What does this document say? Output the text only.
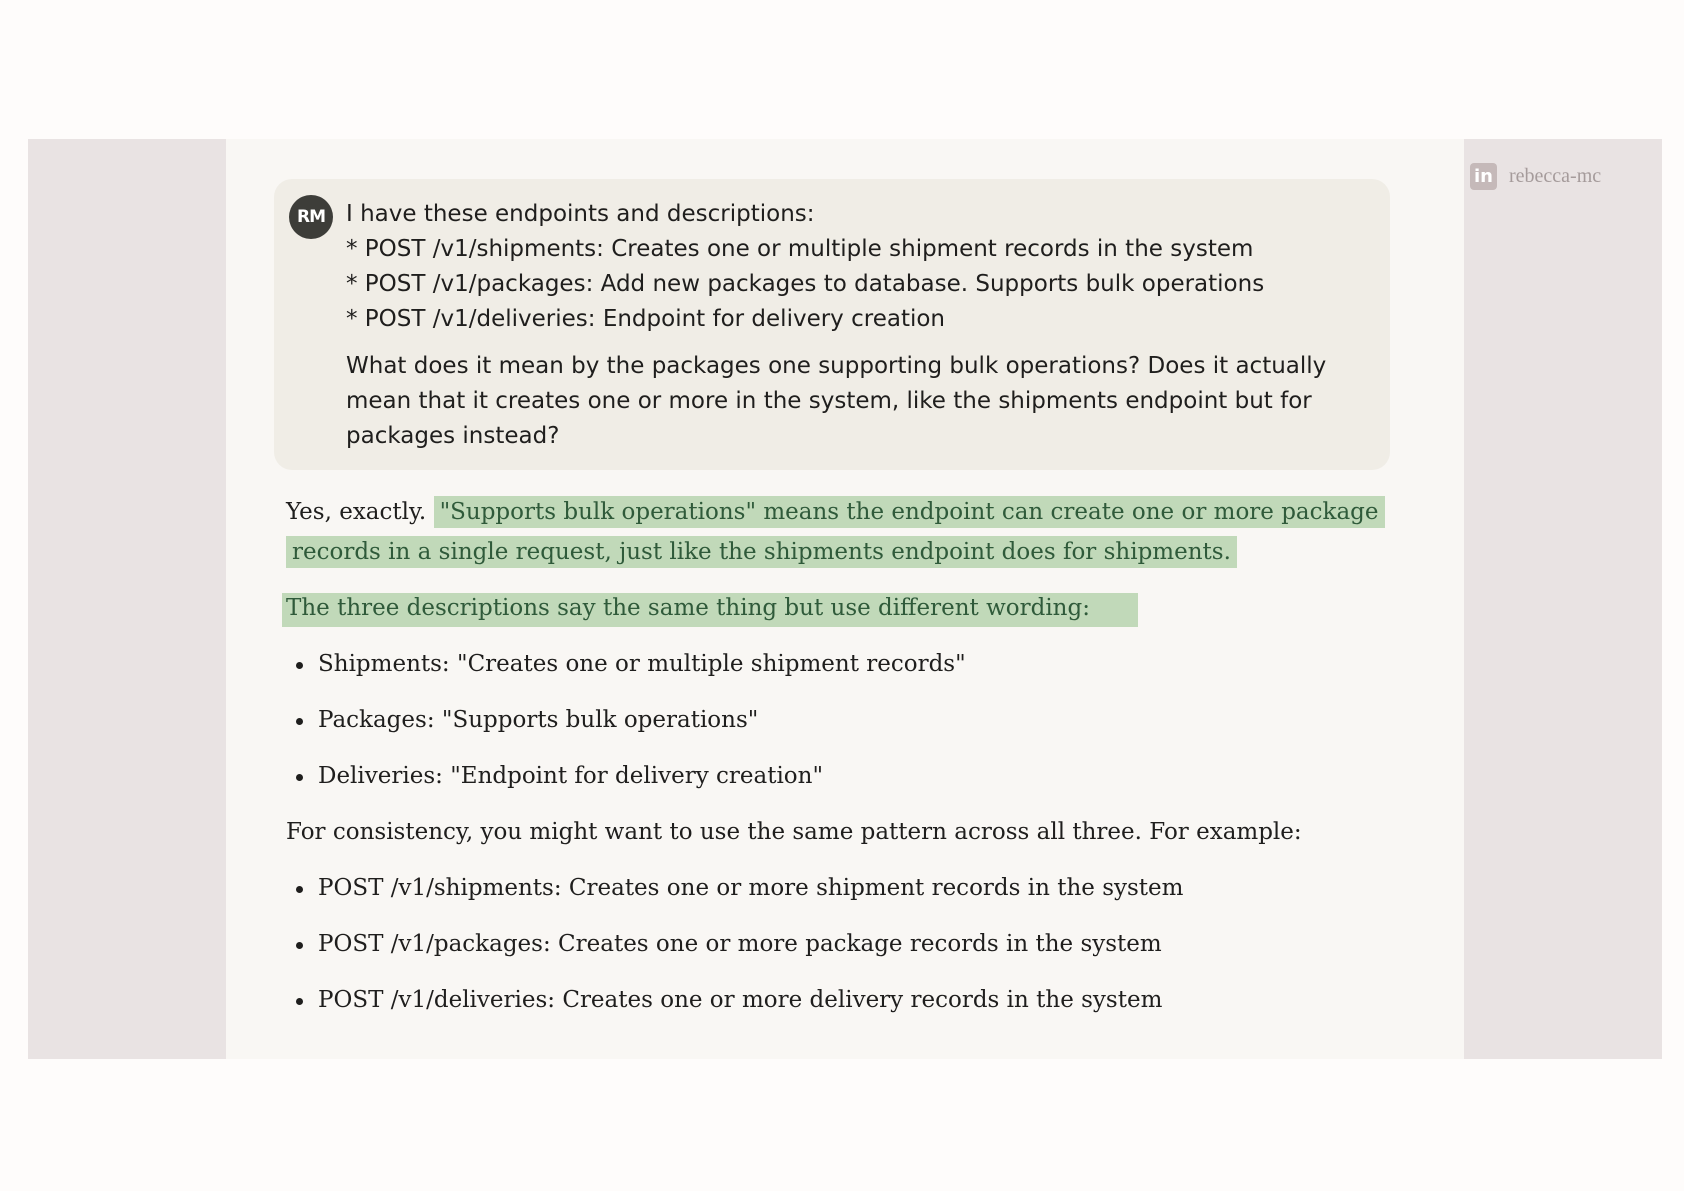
RM I have these endpoints and descriptions:
* POST /v1/shipments: Creates one or multiple shipment records in the system
* POST /v1/packages: Add new packages to database. Supports bulk operations
* POST /v1/deliveries: Endpoint for delivery creation
What does it mean by the packages one supporting bulk operations? Does it actually mean that it creates one or more in the system, like the shipments endpoint but for packages instead?

Yes, exactly. "Supports bulk operations" means the endpoint can create one or more package records in a single request, just like the shipments endpoint does for shipments.

The three descriptions say the same thing but use different wording:

Shipments: "Creates one or multiple shipment records"
Packages: "Supports bulk operations"
Deliveries: "Endpoint for delivery creation"

For consistency, you might want to use the same pattern across all three. For example:

POST /v1/shipments: Creates one or more shipment records in the system
POST /v1/packages: Creates one or more package records in the system
POST /v1/deliveries: Creates one or more delivery records in the system
in rebecca-mc
